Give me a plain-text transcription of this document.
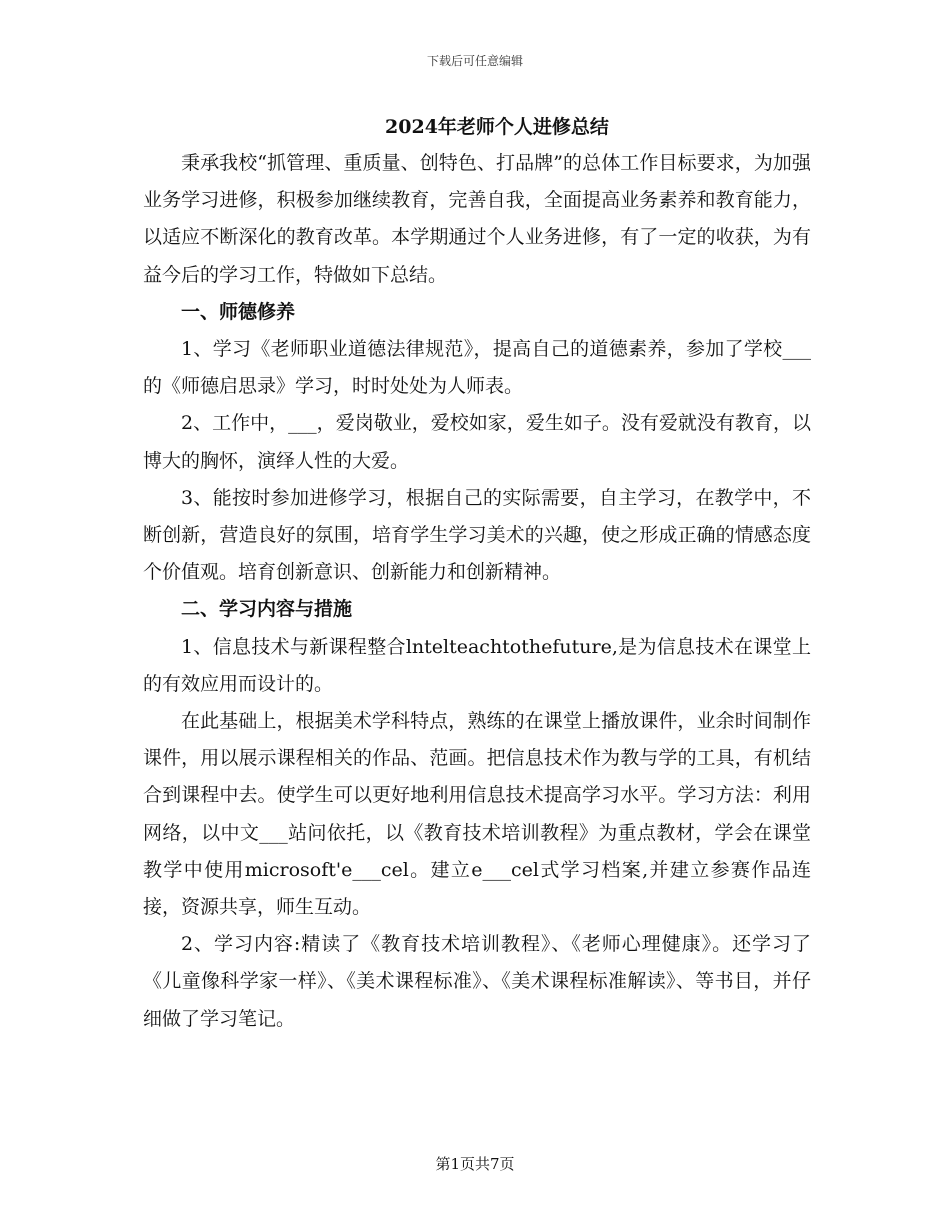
下载后可任意编辑
2024年老师个人进修总结

秉承我校“抓管理、重质量、创特色、打品牌”的总体工作目标要求，为加强业务学习进修，积极参加继续教育，完善自我，全面提高业务素养和教育能力，以适应不断深化的教育改革。本学期通过个人业务进修，有了一定的收获，为有益今后的学习工作，特做如下总结。

一、师德修养

1、学习《老师职业道德法律规范》，提高自己的道德素养，参加了学校___的《师德启思录》学习，时时处处为人师表。

2、工作中，___，爱岗敬业，爱校如家，爱生如子。没有爱就没有教育，以博大的胸怀，演绎人性的大爱。

3、能按时参加进修学习，根据自己的实际需要，自主学习，在教学中，不断创新，营造良好的氛围，培育学生学习美术的兴趣，使之形成正确的情感态度个价值观。培育创新意识、创新能力和创新精神。

二、学习内容与措施

1、信息技术与新课程整合lntelteachtothefuture,是为信息技术在课堂上的有效应用而设计的。

在此基础上，根据美术学科特点，熟练的在课堂上播放课件，业余时间制作课件，用以展示课程相关的作品、范画。把信息技术作为教与学的工具，有机结合到课程中去。使学生可以更好地利用信息技术提高学习水平。学习方法：利用网络，以中文___站问依托，以《教育技术培训教程》为重点教材，学会在课堂教学中使用microsoft'e___cel。建立e___cel式学习档案,并建立参赛作品连接，资源共享，师生互动。

2、学习内容:精读了《教育技术培训教程》、《老师心理健康》。还学习了《儿童像科学家一样》、《美术课程标准》、《美术课程标准解读》、等书目，并仔细做了学习笔记。

第1页共7页
